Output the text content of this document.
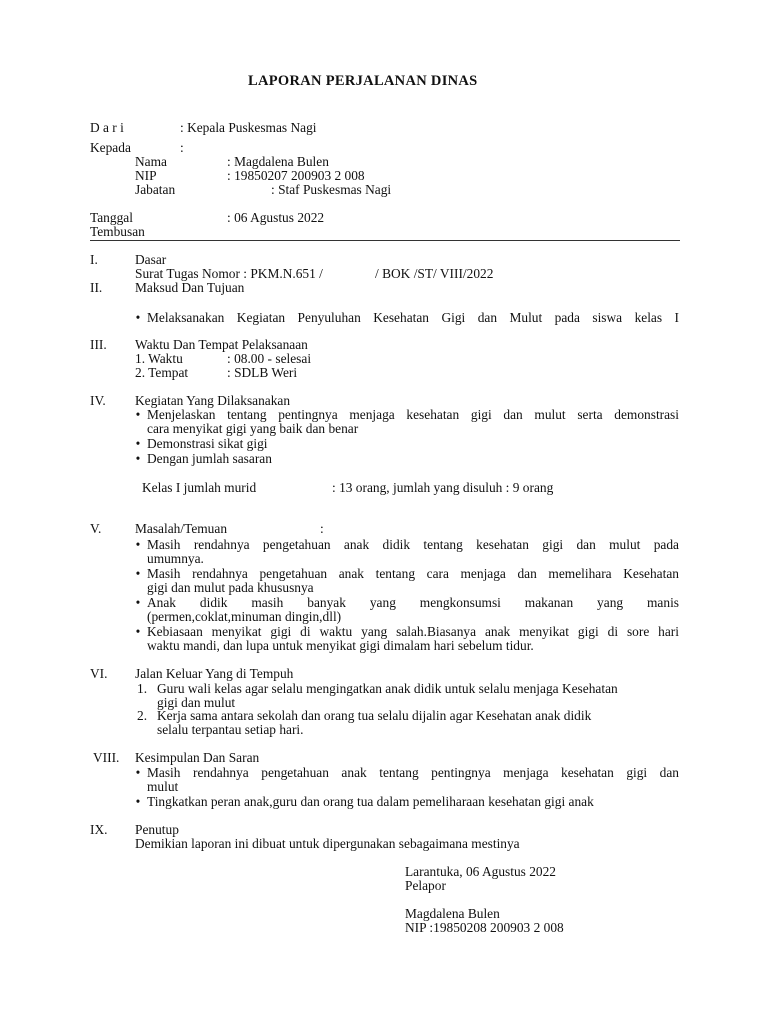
LAPORAN PERJALANAN DINAS
D a r i	: Kepala Puskesmas Nagi
Kepada	:
Nama	: Magdalena Bulen
NIP	: 19850207 200903 2 008
Jabatan	: Staf Puskesmas Nagi
Tanggal	: 06 Agustus 2022
Tembusan
I.	Dasar
Surat Tugas Nomor : PKM.N.651 /	/ BOK /ST/ VIII/2022
II. Maksud Dan Tujuan
• Melaksanakan Kegiatan Penyuluhan Kesehatan Gigi dan Mulut pada siswa kelas I
III. Waktu Dan Tempat Pelaksanaan
1. Waktu	: 08.00 - selesai
2. Tempat	: SDLB Weri
IV. Kegiatan Yang Dilaksanakan
• Menjelaskan tentang pentingnya menjaga kesehatan gigi dan mulut serta demonstrasi
cara menyikat gigi yang baik dan benar
• Demonstrasi sikat gigi
• Dengan jumlah sasaran
Kelas I jumlah murid	: 13 orang, jumlah yang disuluh : 9 orang
V.	Masalah/Temuan	:
• Masih rendahnya pengetahuan anak didik tentang kesehatan gigi dan mulut pada
umumnya.
• Masih rendahnya pengetahuan anak tentang cara menjaga dan memelihara Kesehatan
gigi dan mulut pada khususnya
• Anak didik masih banyak yang mengkonsumsi makanan yang manis
(permen,coklat,minuman dingin,dll)
• Kebiasaan menyikat gigi di waktu yang salah.Biasanya anak menyikat gigi di sore hari
waktu mandi, dan lupa untuk menyikat gigi dimalam hari sebelum tidur.
VI. Jalan Keluar Yang di Tempuh
1. Guru wali kelas agar selalu mengingatkan anak didik untuk selalu menjaga Kesehatan
gigi dan mulut
2. Kerja sama antara sekolah dan orang tua selalu dijalin agar Kesehatan anak didik
selalu terpantau setiap hari.
VIII. Kesimpulan Dan Saran
• Masih rendahnya pengetahuan anak tentang pentingnya menjaga kesehatan gigi dan
mulut
• Tingkatkan peran anak,guru dan orang tua dalam pemeliharaan kesehatan gigi anak
IX. Penutup
Demikian laporan ini dibuat untuk dipergunakan sebagaimana mestinya
Larantuka, 06 Agustus 2022
Pelapor
Magdalena Bulen
NIP :19850208 200903 2 008
